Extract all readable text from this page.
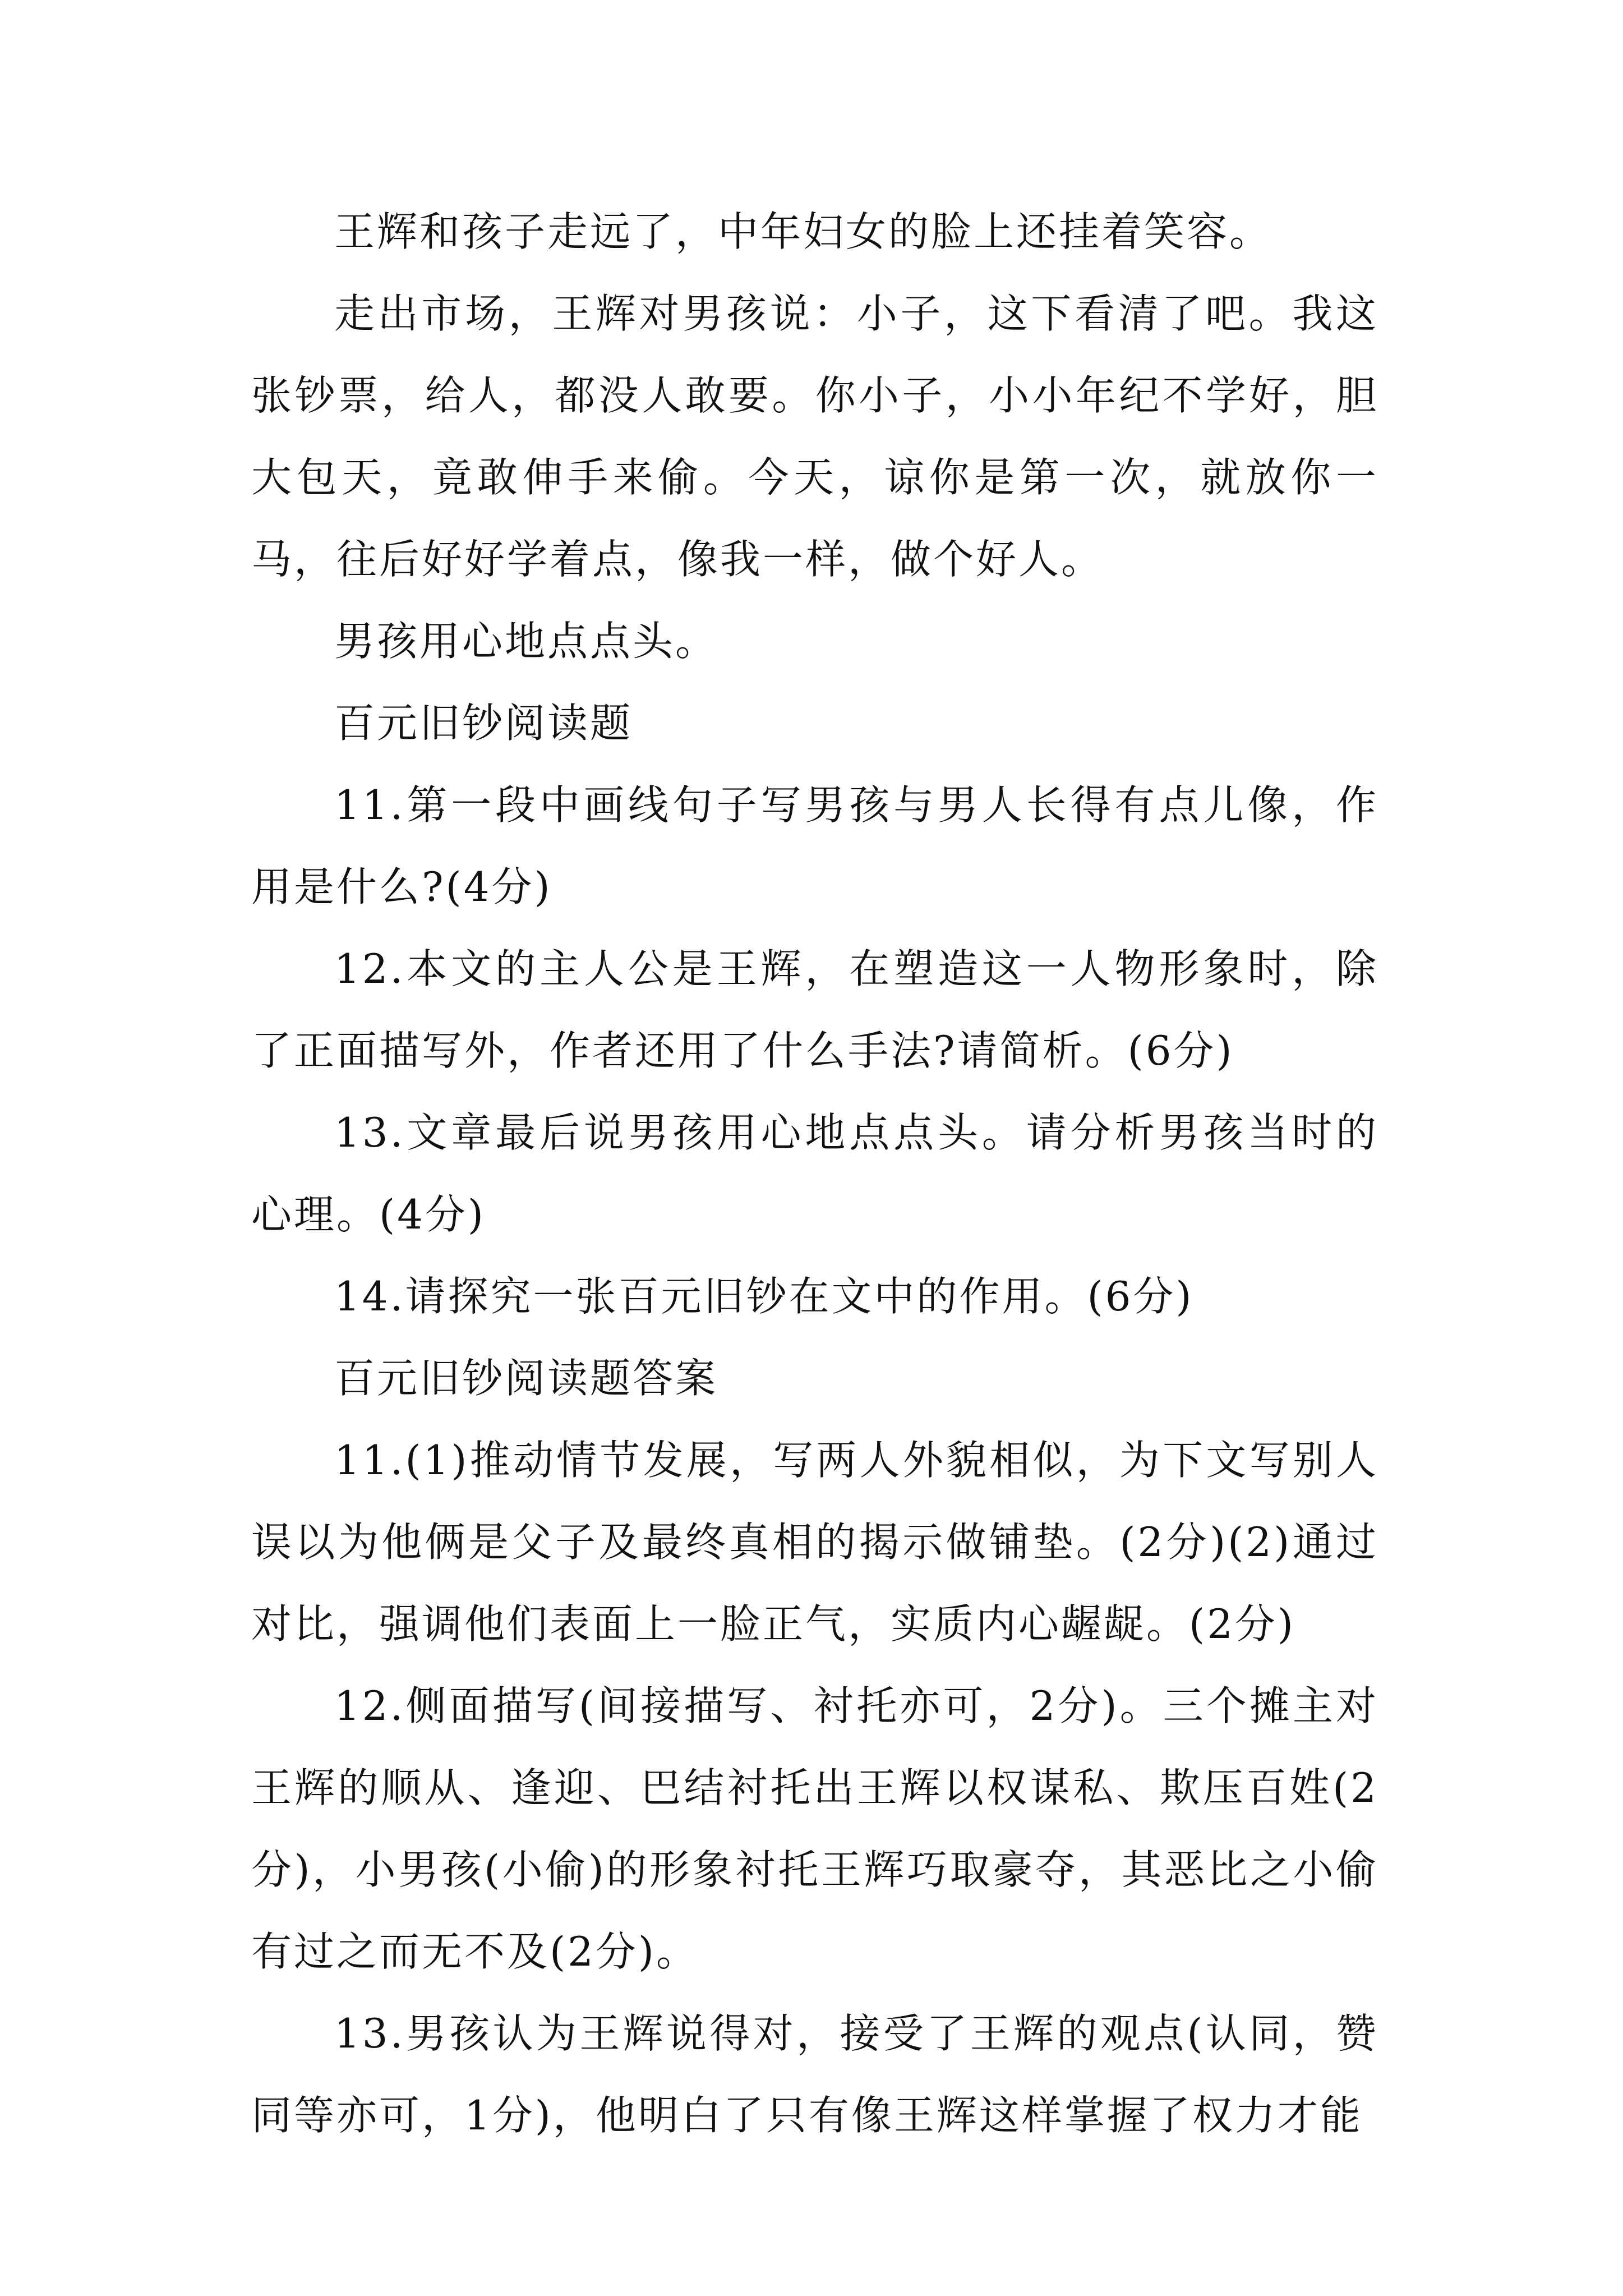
王辉和孩子走远了，中年妇女的脸上还挂着笑容。

走出市场，王辉对男孩说：小子，这下看清了吧。我这张钞票，给人，都没人敢要。你小子，小小年纪不学好，胆大包天，竟敢伸手来偷。今天，谅你是第一次，就放你一马，往后好好学着点，像我一样，做个好人。

男孩用心地点点头。

百元旧钞阅读题

11.第一段中画线句子写男孩与男人长得有点儿像，作用是什么?(4分)

12.本文的主人公是王辉，在塑造这一人物形象时，除了正面描写外，作者还用了什么手法?请简析。(6分)

13.文章最后说男孩用心地点点头。请分析男孩当时的心理。(4分)

14.请探究一张百元旧钞在文中的作用。(6分)

百元旧钞阅读题答案

11.(1)推动情节发展，写两人外貌相似，为下文写别人误以为他俩是父子及最终真相的揭示做铺垫。(2分)(2)通过对比，强调他们表面上一脸正气，实质内心龌龊。(2分)

12.侧面描写(间接描写、衬托亦可，2分)。三个摊主对王辉的顺从、逢迎、巴结衬托出王辉以权谋私、欺压百姓(2分)，小男孩(小偷)的形象衬托王辉巧取豪夺，其恶比之小偷有过之而无不及(2分)。

13.男孩认为王辉说得对，接受了王辉的观点(认同，赞同等亦可，1分)，他明白了只有像王辉这样掌握了权力才能
